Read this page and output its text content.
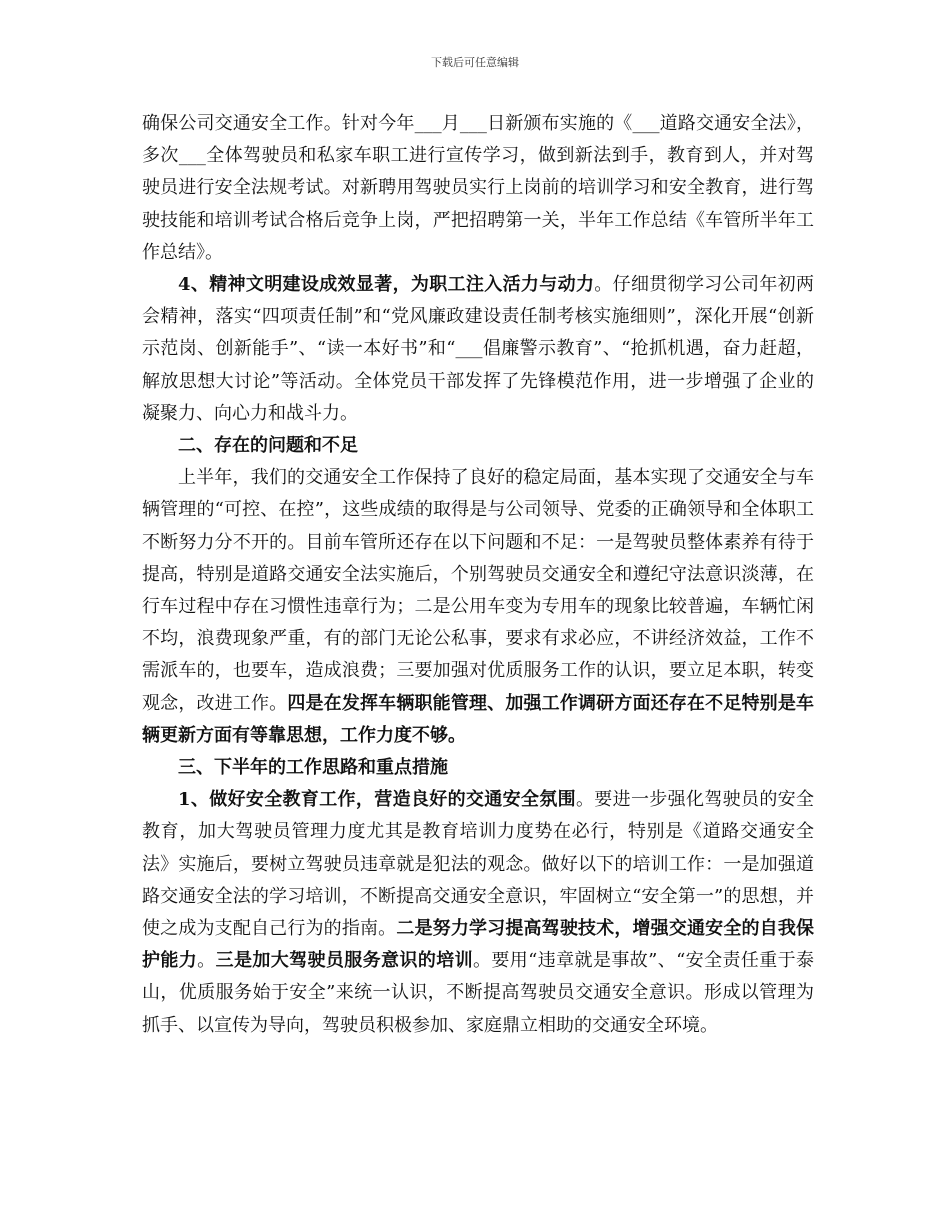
下载后可任意编辑

确保公司交通安全工作。针对今年___月___日新颁布实施的《___道路交通安全法》，多次___全体驾驶员和私家车职工进行宣传学习，做到新法到手，教育到人，并对驾驶员进行安全法规考试。对新聘用驾驶员实行上岗前的培训学习和安全教育，进行驾驶技能和培训考试合格后竞争上岗，严把招聘第一关，半年工作总结《车管所半年工作总结》。

4、精神文明建设成效显著，为职工注入活力与动力。仔细贯彻学习公司年初两会精神，落实“四项责任制”和“党风廉政建设责任制考核实施细则”，深化开展“创新示范岗、创新能手”、“读一本好书”和“___倡廉警示教育”、“抢抓机遇，奋力赶超，解放思想大讨论”等活动。全体党员干部发挥了先锋模范作用，进一步增强了企业的凝聚力、向心力和战斗力。

二、存在的问题和不足

上半年，我们的交通安全工作保持了良好的稳定局面，基本实现了交通安全与车辆管理的“可控、在控”，这些成绩的取得是与公司领导、党委的正确领导和全体职工不断努力分不开的。目前车管所还存在以下问题和不足：一是驾驶员整体素养有待于提高，特别是道路交通安全法实施后，个别驾驶员交通安全和遵纪守法意识淡薄，在行车过程中存在习惯性违章行为；二是公用车变为专用车的现象比较普遍，车辆忙闲不均，浪费现象严重，有的部门无论公私事，要求有求必应，不讲经济效益，工作不需派车的，也要车，造成浪费；三要加强对优质服务工作的认识，要立足本职，转变观念，改进工作。四是在发挥车辆职能管理、加强工作调研方面还存在不足特别是车辆更新方面有等靠思想，工作力度不够。

三、下半年的工作思路和重点措施

1、做好安全教育工作，营造良好的交通安全氛围。要进一步强化驾驶员的安全教育，加大驾驶员管理力度尤其是教育培训力度势在必行，特别是《道路交通安全法》实施后，要树立驾驶员违章就是犯法的观念。做好以下的培训工作：一是加强道路交通安全法的学习培训，不断提高交通安全意识，牢固树立“安全第一”的思想，并使之成为支配自己行为的指南。二是努力学习提高驾驶技术，增强交通安全的自我保护能力。三是加大驾驶员服务意识的培训。要用“违章就是事故”、“安全责任重于泰山，优质服务始于安全”来统一认识，不断提高驾驶员交通安全意识。形成以管理为抓手、以宣传为导向，驾驶员积极参加、家庭鼎立相助的交通安全环境。
